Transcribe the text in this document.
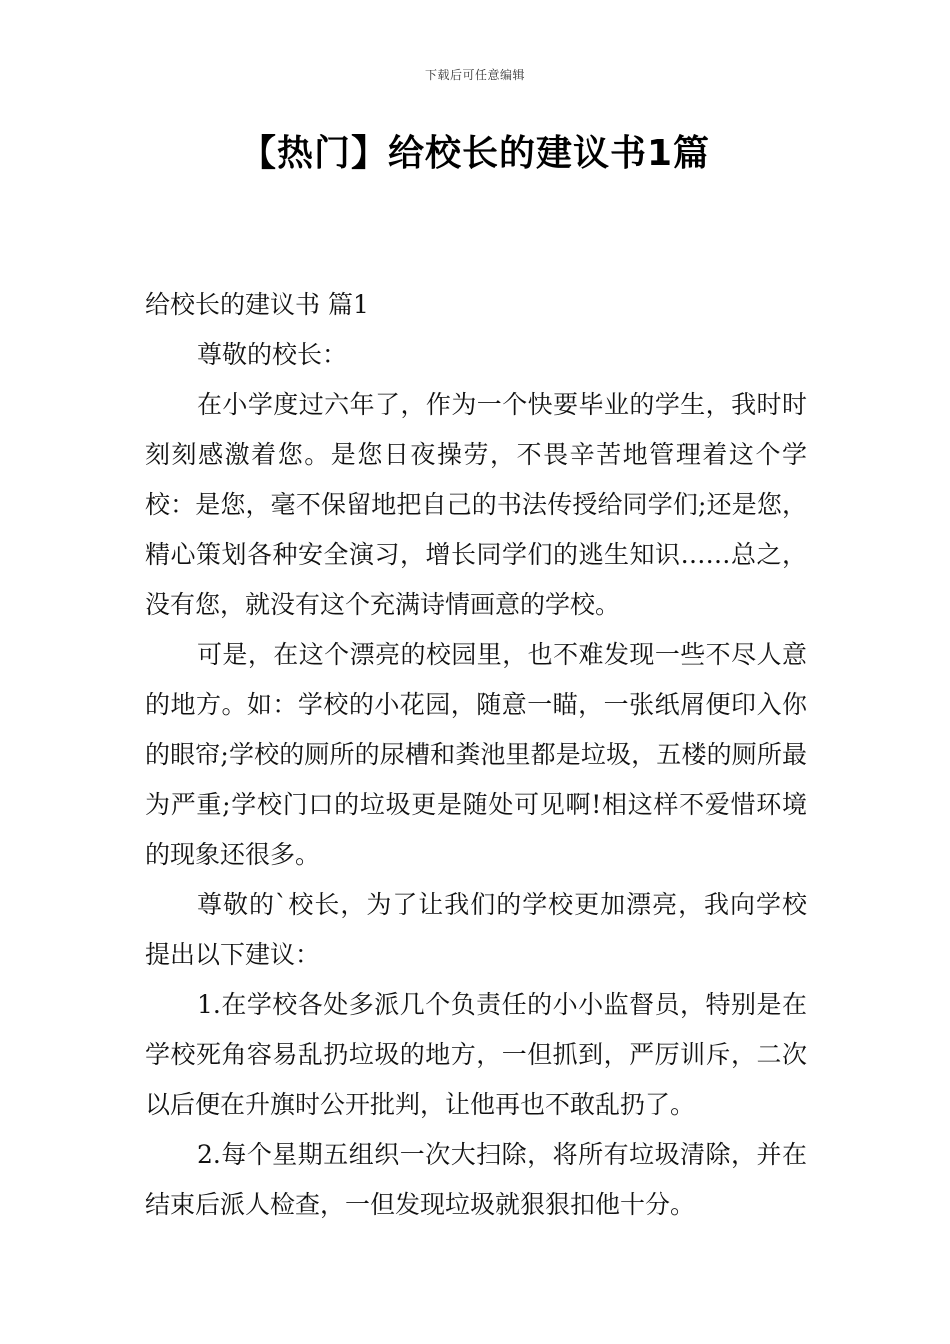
下载后可任意编辑
【热门】给校长的建议书1篇

给校长的建议书 篇1

尊敬的校长：

在小学度过六年了，作为一个快要毕业的学生，我时时刻刻感激着您。是您日夜操劳，不畏辛苦地管理着这个学校：是您，毫不保留地把自己的书法传授给同学们;还是您，精心策划各种安全演习，增长同学们的逃生知识……总之，没有您，就没有这个充满诗情画意的学校。

可是，在这个漂亮的校园里，也不难发现一些不尽人意的地方。如：学校的小花园，随意一瞄，一张纸屑便印入你的眼帘;学校的厕所的尿槽和粪池里都是垃圾，五楼的厕所最为严重;学校门口的垃圾更是随处可见啊!相这样不爱惜环境的现象还很多。

尊敬的`校长，为了让我们的学校更加漂亮，我向学校提出以下建议：

1.在学校各处多派几个负责任的小小监督员，特别是在学校死角容易乱扔垃圾的地方，一但抓到，严厉训斥，二次以后便在升旗时公开批判，让他再也不敢乱扔了。

2.每个星期五组织一次大扫除，将所有垃圾清除，并在结束后派人检查，一但发现垃圾就狠狠扣他十分。
